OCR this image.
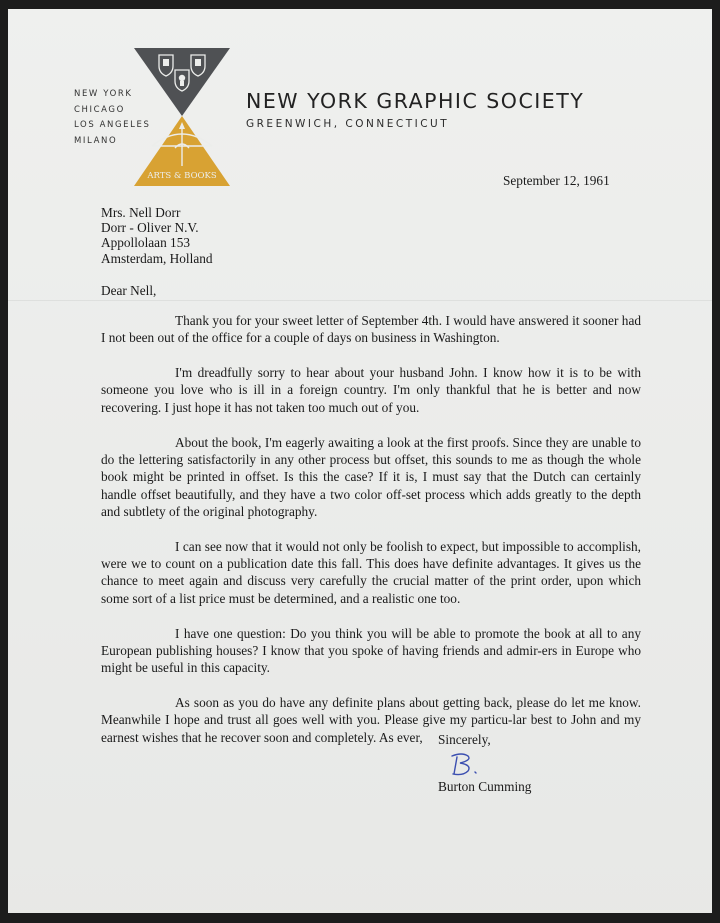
NEW YORK
CHICAGO
LOS ANGELES
MILANO
ARTS & BOOKS
NEW YORK GRAPHIC SOCIETY
GREENWICH, CONNECTICUT
September 12, 1961
Mrs. Nell Dorr
Dorr - Oliver N.V.
Appollolaan 153
Amsterdam, Holland
Dear Nell,

Thank you for your sweet letter of September 4th. I would have answered it sooner had I not been out of the office for a couple of days on business in Washington.

I'm dreadfully sorry to hear about your husband John. I know how it is to be with someone you love who is ill in a foreign country. I'm only thankful that he is better and now recovering. I just hope it has not taken too much out of you.

About the book, I'm eagerly awaiting a look at the first proofs. Since they are unable to do the lettering satisfactorily in any other process but offset, this sounds to me as though the whole book might be printed in offset. Is this the case? If it is, I must say that the Dutch can certainly handle offset beautifully, and they have a two color off-set process which adds greatly to the depth and subtlety of the original photography.

I can see now that it would not only be foolish to expect, but impossible to accomplish, were we to count on a publication date this fall. This does have definite advantages. It gives us the chance to meet again and discuss very carefully the crucial matter of the print order, upon which some sort of a list price must be determined, and a realistic one too.

I have one question: Do you think you will be able to promote the book at all to any European publishing houses? I know that you spoke of having friends and admir-ers in Europe who might be useful in this capacity.

As soon as you do have any definite plans about getting back, please do let me know. Meanwhile I hope and trust all goes well with you. Please give my particu-lar best to John and my earnest wishes that he recover soon and completely. As ever,	Sincerely,
Burton Cumming
